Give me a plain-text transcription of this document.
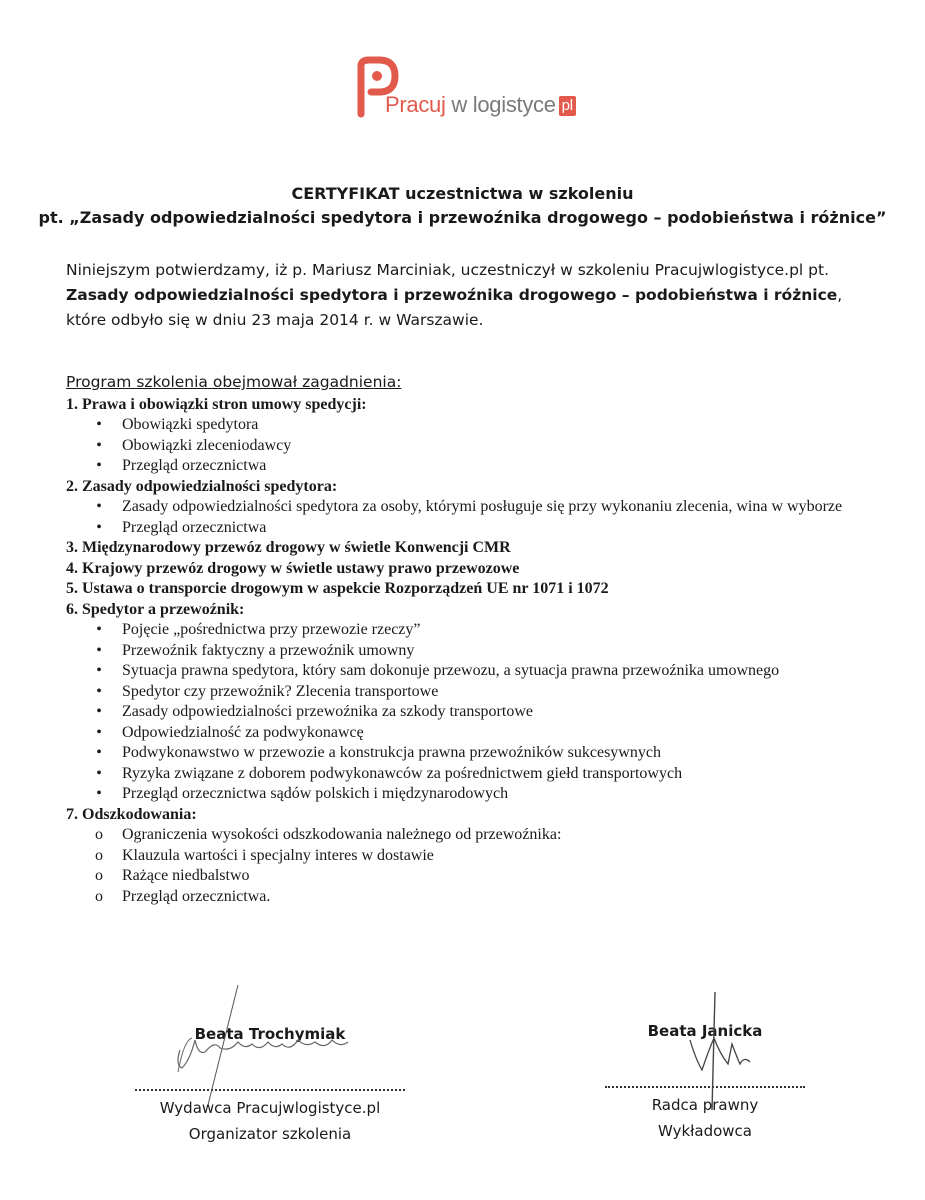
Pracuj w logistyce pl
CERTYFIKAT uczestnictwa w szkoleniu
pt. „Zasady odpowiedzialności spedytora i przewoźnika drogowego – podobieństwa i różnice”
Niniejszym potwierdzamy, iż p. Mariusz Marciniak, uczestniczył w szkoleniu Pracujwlogistyce.pl pt. Zasady odpowiedzialności spedytora i przewoźnika drogowego – podobieństwa i różnice, które odbyło się w dniu 23 maja 2014 r. w Warszawie.
Program szkolenia obejmował zagadnienia:
1. Prawa i obowiązki stron umowy spedycji:
• Obowiązki spedytora
• Obowiązki zleceniodawcy
• Przegląd orzecznictwa
2. Zasady odpowiedzialności spedytora:
• Zasady odpowiedzialności spedytora za osoby, którymi posługuje się przy wykonaniu zlecenia, wina w wyborze
• Przegląd orzecznictwa
3. Międzynarodowy przewóz drogowy w świetle Konwencji CMR
4. Krajowy przewóz drogowy w świetle ustawy prawo przewozowe
5. Ustawa o transporcie drogowym w aspekcie Rozporządzeń UE nr 1071 i 1072
6. Spedytor a przewoźnik:
• Pojęcie „pośrednictwa przy przewozie rzeczy”
• Przewoźnik faktyczny a przewoźnik umowny
• Sytuacja prawna spedytora, który sam dokonuje przewozu, a sytuacja prawna przewoźnika umownego
• Spedytor czy przewoźnik? Zlecenia transportowe
• Zasady odpowiedzialności przewoźnika za szkody transportowe
• Odpowiedzialność za podwykonawcę
• Podwykonawstwo w przewozie a konstrukcja prawna przewoźników sukcesywnych
• Ryzyka związane z doborem podwykonawców za pośrednictwem giełd transportowych
• Przegląd orzecznictwa sądów polskich i międzynarodowych
7. Odszkodowania:
o Ograniczenia wysokości odszkodowania należnego od przewoźnika:
o Klauzula wartości i specjalny interes w dostawie
o Rażące niedbalstwo
o Przegląd orzecznictwa.
Beata Trochymiak
Wydawca Pracujwlogistyce.pl
Organizator szkolenia
Beata Janicka
Radca prawny
Wykładowca
